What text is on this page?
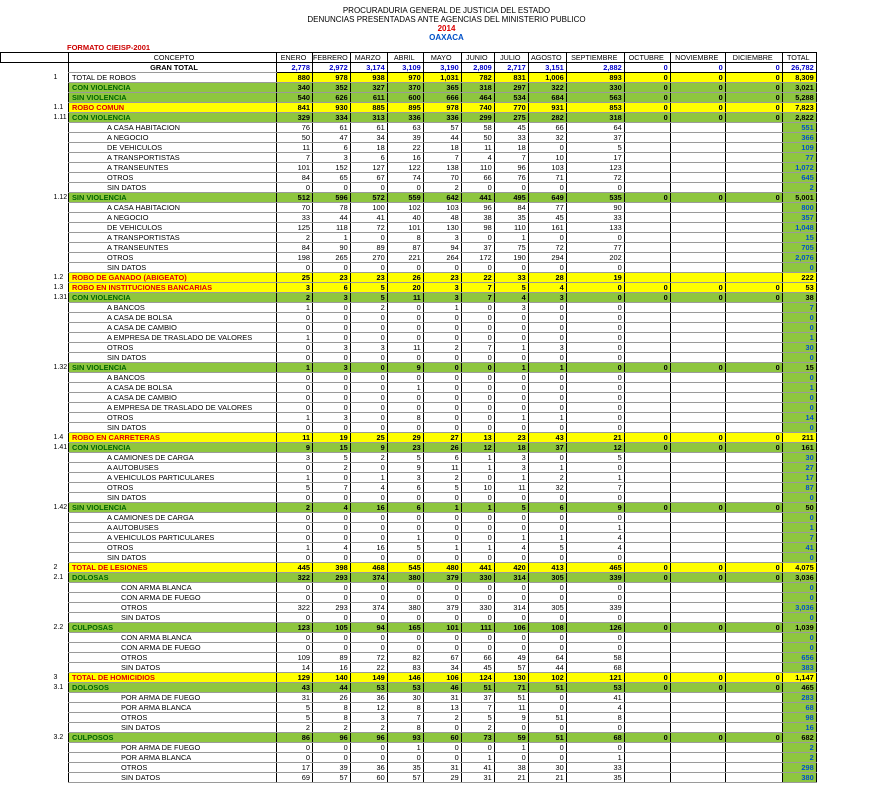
PROCURADURIA GENERAL DE JUSTICIA DEL ESTADO
DENUNCIAS PRESENTADAS ANTE AGENCIAS DEL MINISTERIO PUBLICO
2014
OAXACA
FORMATO CIEISP-2001
	CONCEPTO	ENERO	FEBRERO	MARZO	ABRIL	MAYO	JUNIO	JULIO	AGOSTO	SEPTIEMBRE	OCTUBRE	NOVIEMBRE	DICIEMBRE	TOTAL
	GRAN TOTAL	2,778	2,972	3,174	3,109	3,190	2,809	2,717	3,151	2,882	0	0	0	26,782
1	TOTAL DE ROBOS	880	978	938	970	1,031	782	831	1,006	893	0	0	0	8,309
	CON VIOLENCIA	340	352	327	370	365	318	297	322	330	0	0	0	3,021
	SIN VIOLENCIA	540	626	611	600	666	464	534	684	563	0	0	0	5,288
1.1	ROBO COMUN	841	930	885	895	978	740	770	931	853	0	0	0	7,823
1.11	CON VIOLENCIA	329	334	313	336	336	299	275	282	318	0	0	0	2,822
	A CASA HABITACION	76	61	61	63	57	58	45	66	64				551
	A NEGOCIO	50	47	34	39	44	50	33	32	37				366
	DE VEHICULOS	11	6	18	22	18	11	18	0	5				109
	A TRANSPORTISTAS	7	3	6	16	7	4	7	10	17				77
	A TRANSEUNTES	101	152	127	122	138	110	96	103	123				1,072
	OTROS	84	65	67	74	70	66	76	71	72				645
	SIN DATOS	0	0	0	0	2	0	0	0	0				2
1.12	SIN VIOLENCIA	512	596	572	559	642	441	495	649	535	0	0	0	5,001
	A CASA HABITACION	70	78	100	102	103	96	84	77	90				800
	A NEGOCIO	33	44	41	40	48	38	35	45	33				357
	DE VEHICULOS	125	118	72	101	130	98	110	161	133				1,048
	A TRANSPORTISTAS	2	1	0	8	3	0	1	0	0				15
	A TRANSEUNTES	84	90	89	87	94	37	75	72	77				705
	OTROS	198	265	270	221	264	172	190	294	202				2,076
	SIN DATOS	0	0	0	0	0	0	0	0	0				0
1.2	ROBO DE GANADO (ABIGEATO)	25	23	23	26	23	22	33	28	19				222
1.3	ROBO EN INSTITUCIONES BANCARIAS	3	6	5	20	3	7	5	4	0	0	0	0	53
1.31	CON VIOLENCIA	2	3	5	11	3	7	4	3	0	0	0	0	38
	A BANCOS	1	0	2	0	1	0	3	0	0				7
	A CASA DE BOLSA	0	0	0	0	0	0	0	0	0				0
	A CASA DE CAMBIO	0	0	0	0	0	0	0	0	0				0
	A EMPRESA DE TRASLADO DE VALORES	1	0	0	0	0	0	0	0	0				1
	OTROS	0	3	3	11	2	7	1	3	0				30
	SIN DATOS	0	0	0	0	0	0	0	0	0				0
1.32	SIN VIOLENCIA	1	3	0	9	0	0	1	1	0	0	0	0	15
	A BANCOS	0	0	0	0	0	0	0	0	0				0
	A CASA DE BOLSA	0	0	0	1	0	0	0	0	0				1
	A CASA DE CAMBIO	0	0	0	0	0	0	0	0	0				0
	A EMPRESA DE TRASLADO DE VALORES	0	0	0	0	0	0	0	0	0				0
	OTROS	1	3	0	8	0	0	1	1	0				14
	SIN DATOS	0	0	0	0	0	0	0	0	0				0
1.4	ROBO EN CARRETERAS	11	19	25	29	27	13	23	43	21	0	0	0	211
1.41	CON VIOLENCIA	9	15	9	23	26	12	18	37	12	0	0	0	161
	A CAMIONES DE CARGA	3	5	2	5	6	1	3	0	5				30
	A AUTOBUSES	0	2	0	9	11	1	3	1	0				27
	A VEHICULOS PARTICULARES	1	0	1	3	2	0	1	2	1				17
	OTROS	5	7	4	6	5	10	11	32	7				87
	SIN DATOS	0	0	0	0	0	0	0	0	0				0
1.42	SIN VIOLENCIA	2	4	16	6	1	1	5	6	9	0	0	0	50
	A CAMIONES DE CARGA	0	0	0	0	0	0	0	0	0				0
	A AUTOBUSES	0	0	0	0	0	0	0	0	1				1
	A VEHICULOS PARTICULARES	0	0	0	1	0	0	1	1	4				7
	OTROS	1	4	16	5	1	1	4	5	4				41
	SIN DATOS	0	0	0	0	0	0	0	0	0				0
2	TOTAL DE LESIONES	445	398	468	545	480	441	420	413	465	0	0	0	4,075
2.1	DOLOSAS	322	293	374	380	379	330	314	305	339	0	0	0	3,036
	CON ARMA BLANCA	0	0	0	0	0	0	0	0	0				0
	CON ARMA DE FUEGO	0	0	0	0	0	0	0	0	0				0
	OTROS	322	293	374	380	379	330	314	305	339				3,036
	SIN DATOS	0	0	0	0	0	0	0	0	0				0
2.2	CULPOSAS	123	105	94	165	101	111	106	108	126	0	0	0	1,039
	CON ARMA BLANCA	0	0	0	0	0	0	0	0	0				0
	CON ARMA DE FUEGO	0	0	0	0	0	0	0	0	0				0
	OTROS	109	89	72	82	67	66	49	64	58				656
	SIN DATOS	14	16	22	83	34	45	57	44	68				383
3	TOTAL DE HOMICIDIOS	129	140	149	146	106	124	130	102	121	0	0	0	1,147
3.1	DOLOSOS	43	44	53	53	46	51	71	51	53	0	0	0	465
	POR ARMA DE FUEGO	31	26	36	30	31	37	51	0	41				283
	POR ARMA BLANCA	5	8	12	8	13	7	11	0	4				68
	OTROS	5	8	3	7	2	5	9	51	8				98
	SIN DATOS	2	2	2	8	0	2	0	0	0				16
3.2	CULPOSOS	86	96	96	93	60	73	59	51	68	0	0	0	682
	POR ARMA DE FUEGO	0	0	0	1	0	0	1	0	0				2
	POR ARMA BLANCA	0	0	0	0	0	1	0	0	1				2
	OTROS	17	39	36	35	31	41	38	30	33				298
	SIN DATOS	69	57	60	57	29	31	21	21	35				380
